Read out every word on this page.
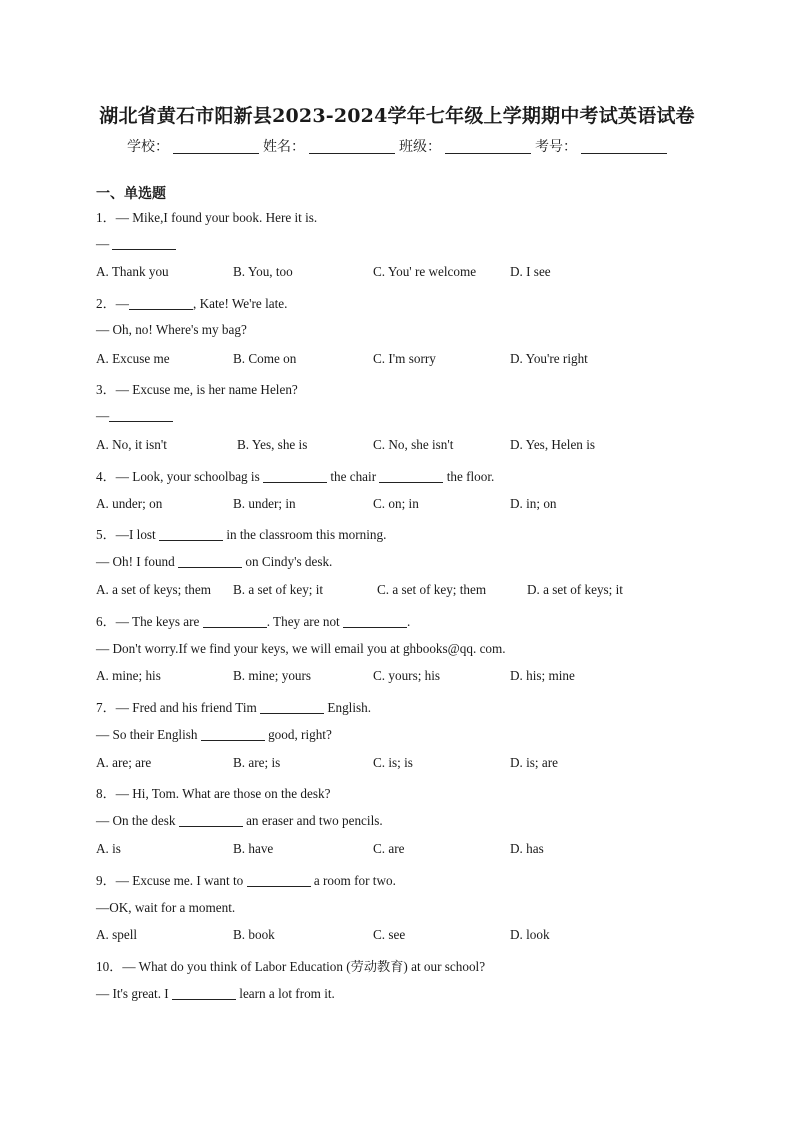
湖北省黄石市阳新县2023-2024学年七年级上学期期中考试英语试卷
学校：	姓名：	班级：	考号：
一、单选题
1．— Mike,I found your book. Here it is.
—
A. Thank you	B. You, too	C. You' re welcome	D. I see
2．—	, Kate! We're late.
— Oh, no! Where's my bag?
A. Excuse me	B. Come on	C. I'm sorry	D. You're right
3．— Excuse me, is her name Helen?
—
A. No, it isn't	B. Yes, she is	C. No, she isn't	D. Yes, Helen is
4．— Look, your schoolbag is	the chair	the floor.
A. under; on	B. under; in	C. on; in	D. in; on
5．—I lost	in the classroom this morning.
— Oh! I found	on Cindy's desk.
A. a set of keys; them B. a set of key; it	C. a set of key; them	D. a set of keys; it
6．— The keys are	. They are not	.
— Don't worry.If we find your keys, we will email you at ghbooks@qq. com.
A. mine; his	B. mine; yours	C. yours; his	D. his; mine
7．— Fred and his friend Tim	English.
— So their English	good, right?
A. are; are	B. are; is	C. is; is	D. is; are
8．— Hi, Tom. What are those on the desk?
— On the desk	an eraser and two pencils.
A. is	B. have	C. are	D. has
9．— Excuse me. I want to	a room for two.
—OK, wait for a moment.
A. spell	B. book	C. see	D. look
10．— What do you think of Labor Education (劳动教育) at our school?
— It's great. I	learn a lot from it.
